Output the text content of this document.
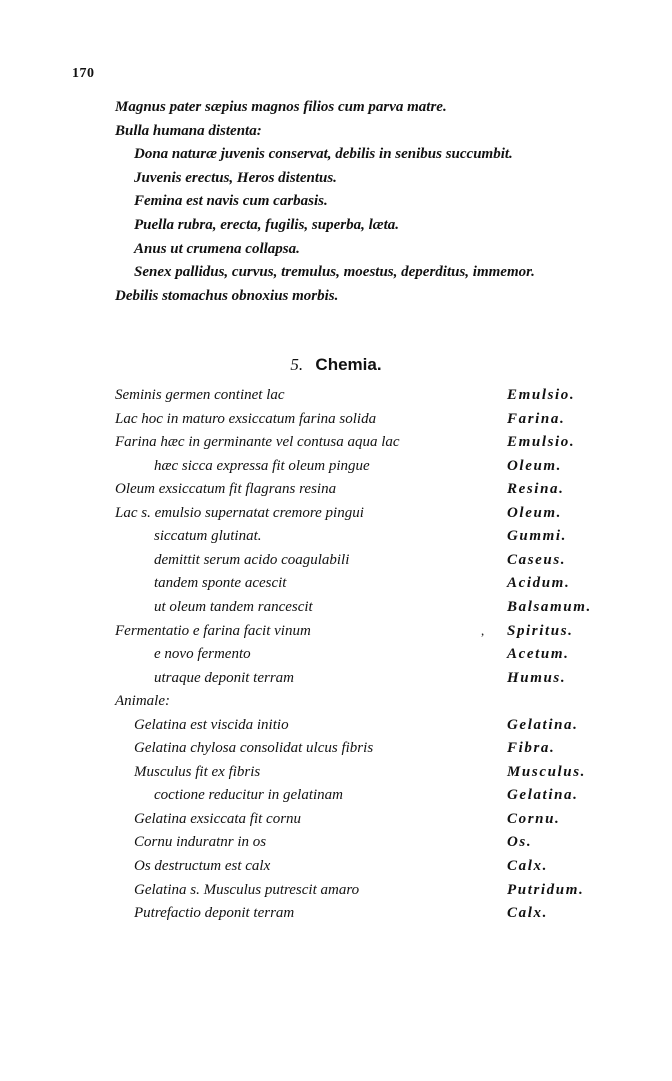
170
Magnus pater sæpius magnos filios cum parva matre.
Bulla humana distenta:
Dona naturæ juvenis conservat, debilis in senibus succumbit.
Juvenis erectus, Heros distentus.
Femina est navis cum carbasis.
Puella rubra, erecta, fugilis, superba, læta.
Anus ut crumena collapsa.
Senex pallidus, curvus, tremulus, moestus, deperditus, immemor.
Debilis stomachus obnoxius morbis.
5. Chemia.
Seminis germen continet lac	Emulsio.
Lac hoc in maturo exsiccatum farina solida	Farina.
Farina hæc in germinante vel contusa aqua lac	Emulsio.
hæc sicca expressa fit oleum pingue	Oleum.
Oleum exsiccatum fit flagrans resina	Resina.
Lac s. emulsio supernatat cremore pingui	Oleum.
siccatum glutinat.	Gummi.
demittit serum acido coagulabili	Caseus.
tandem sponte acescit	Acidum.
ut oleum tandem rancescit	Balsamum.
Fermentatio e farina facit vinum	, Spiritus.
e novo fermento	Acetum.
utraque deponit terram	Humus.
Animale:
Gelatina est viscida initio	Gelatina.
Gelatina chylosa consolidat ulcus fibris	Fibra.
Musculus fit ex fibris	Musculus.
coctione reducitur in gelatinam	Gelatina.
Gelatina exsiccata fit cornu	Cornu.
Cornu induratnr in os	Os.
Os destructum est calx	Calx.
Gelatina s. Musculus putrescit amaro	Putridum.
Putrefactio deponit terram	Calx.
